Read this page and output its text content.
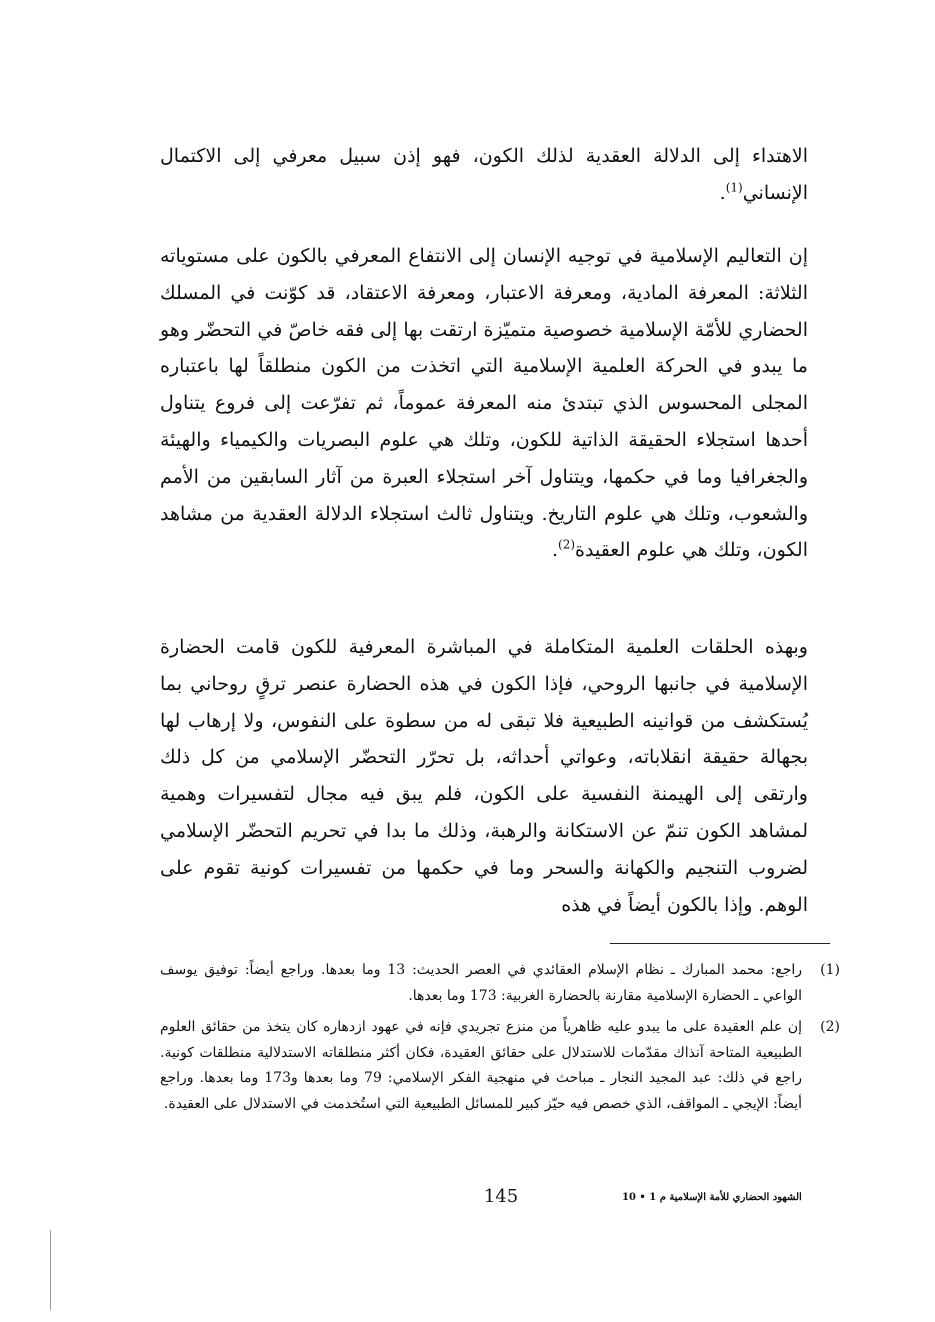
الاهتداء إلى الدلالة العقدية لذلك الكون، فهو إذن سبيل معرفي إلى الاكتمال الإنساني$^{(1)}$.

إن التعاليم الإسلامية في توجيه الإنسان إلى الانتفاع المعرفي بالكون على مستوياته الثلاثة: المعرفة المادية، ومعرفة الاعتبار، ومعرفة الاعتقاد، قد كوّنت في المسلك الحضاري للأمّة الإسلامية خصوصية متميّزة ارتقت بها إلى فقه خاصّ في التحضّر وهو ما يبدو في الحركة العلمية الإسلامية التي اتخذت من الكون منطلقاً لها باعتباره المجلى المحسوس الذي تبتدئ منه المعرفة عموماً، ثم تفرّعت إلى فروع يتناول أحدها استجلاء الحقيقة الذاتية للكون، وتلك هي علوم البصريات والكيمياء والهيئة والجغرافيا وما في حكمها، ويتناول آخر استجلاء العبرة من آثار السابقين من الأمم والشعوب، وتلك هي علوم التاريخ. ويتناول ثالث استجلاء الدلالة العقدية من مشاهد الكون، وتلك هي علوم العقيدة$^{(2)}$.

وبهذه الحلقات العلمية المتكاملة في المباشرة المعرفية للكون قامت الحضارة الإسلامية في جانبها الروحي، فإذا الكون في هذه الحضارة عنصر ترقٍ روحاني بما يُستكشف من قوانينه الطبيعية فلا تبقى له من سطوة على النفوس، ولا إرهاب لها بجهالة حقيقة انقلاباته، وعواتي أحداثه، بل تحرّر التحضّر الإسلامي من كل ذلك وارتقى إلى الهيمنة النفسية على الكون، فلم يبق فيه مجال لتفسيرات وهمية لمشاهد الكون تنمّ عن الاستكانة والرهبة، وذلك ما بدا في تحريم التحضّر الإسلامي لضروب التنجيم والكهانة والسحر وما في حكمها من تفسيرات كونية تقوم على الوهم. وإذا بالكون أيضاً في هذه

(1)
راجع: محمد المبارك ـ نظام الإسلام العقائدي في العصر الحديث: 13 وما بعدها. وراجع أيضاً: توفيق يوسف الواعي ـ الحضارة الإسلامية مقارنة بالحضارة الغربية: 173 وما بعدها.
(2)
إن علم العقيدة على ما يبدو عليه ظاهرياً من منزع تجريدي فإنه في عهود ازدهاره كان يتخذ من حقائق العلوم الطبيعية المتاحة آنذاك مقدّمات للاستدلال على حقائق العقيدة، فكان أكثر منطلقاته الاستدلالية منطلقات كونية. راجع في ذلك: عبد المجيد النجار ـ مباحث في منهجية الفكر الإسلامي: 79 وما بعدها و173 وما بعدها. وراجع أيضاً: الإيجي ـ المواقف، الذي خصص فيه حيّز كبير للمسائل الطبيعية التي استُخدمت في الاستدلال على العقيدة.
145	الشهود الحضاري للأمة الإسلامية م 1 • 10
